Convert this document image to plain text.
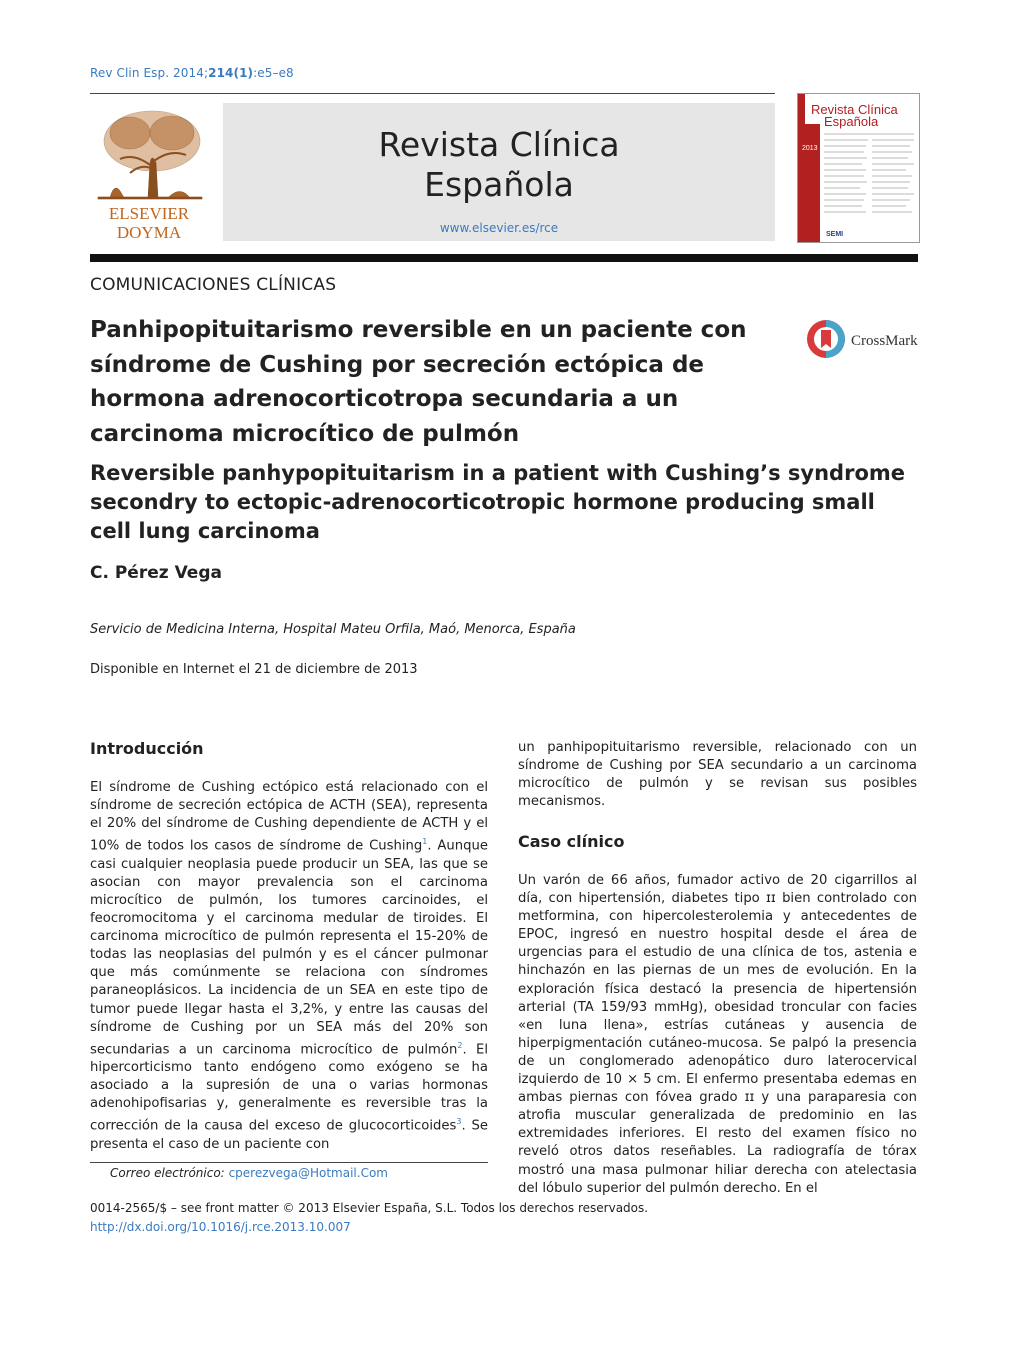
Rev Clin Esp. 2014;214(1):e5–e8
ELSEVIER
DOYMA
Revista Clínica
Española
www.elsevier.es/rce
Revista Clínica
Española
2013
SEMI
COMUNICACIONES CLÍNICAS
Panhipopituitarismo reversible en un paciente con síndrome de Cushing por secreción ectópica de hormona adrenocorticotropa secundaria a un carcinoma microcítico de pulmón
CrossMark
Reversible panhypopituitarism in a patient with Cushing’s syndrome secondry to ectopic-adrenocorticotropic hormone producing small cell lung carcinoma
C. Pérez Vega
Servicio de Medicina Interna, Hospital Mateu Orfila, Maó, Menorca, España
Disponible en Internet el 21 de diciembre de 2013
Introducción
El síndrome de Cushing ectópico está relacionado con el síndrome de secreción ectópica de ACTH (SEA), representa el 20% del síndrome de Cushing dependiente de ACTH y el 10% de todos los casos de síndrome de Cushing$^1$. Aunque casi cualquier neoplasia puede producir un SEA, las que se asocian con mayor prevalencia son el carcinoma microcítico de pulmón, los tumores carcinoides, el feocromocitoma y el carcinoma medular de tiroides. El carcinoma microcítico de pulmón representa el 15-20% de todas las neoplasias del pulmón y es el cáncer pulmonar que más comúnmente se relaciona con síndromes paraneoplásicos. La incidencia de un SEA en este tipo de tumor puede llegar hasta el 3,2%, y entre las causas del síndrome de Cushing por un SEA más del 20% son secundarias a un carcinoma microcítico de pulmón$^2$. El hipercorticismo tanto endógeno como exógeno se ha asociado a la supresión de una o varias hormonas adenohipofisarias y, generalmente es reversible tras la corrección de la causa del exceso de glucocorticoides$^3$. Se presenta el caso de un paciente con
un panhipopituitarismo reversible, relacionado con un síndrome de Cushing por SEA secundario a un carcinoma microcítico de pulmón y se revisan sus posibles mecanismos.
Caso clínico
Un varón de 66 años, fumador activo de 20 cigarrillos al día, con hipertensión, diabetes tipo ɪɪ bien controlado con metformina, con hipercolesterolemia y antecedentes de EPOC, ingresó en nuestro hospital desde el área de urgencias para el estudio de una clínica de tos, astenia e hinchazón en las piernas de un mes de evolución. En la exploración física destacó la presencia de hipertensión arterial (TA 159/93 mmHg), obesidad troncular con facies «en luna llena», estrías cutáneas y ausencia de hiperpigmentación cutáneo-mucosa. Se palpó la presencia de un conglomerado adenopático duro laterocervical izquierdo de 10 × 5 cm. El enfermo presentaba edemas en ambas piernas con fóvea grado ɪɪ y una paraparesia con atrofia muscular generalizada de predominio en las extremidades inferiores. El resto del examen físico no reveló otros datos reseñables. La radiografía de tórax mostró una masa pulmonar hiliar derecha con atelectasia del lóbulo superior del pulmón derecho. En el
Correo electrónico: cperezvega@Hotmail.Com
0014-2565/$ – see front matter © 2013 Elsevier España, S.L. Todos los derechos reservados.
http://dx.doi.org/10.1016/j.rce.2013.10.007
